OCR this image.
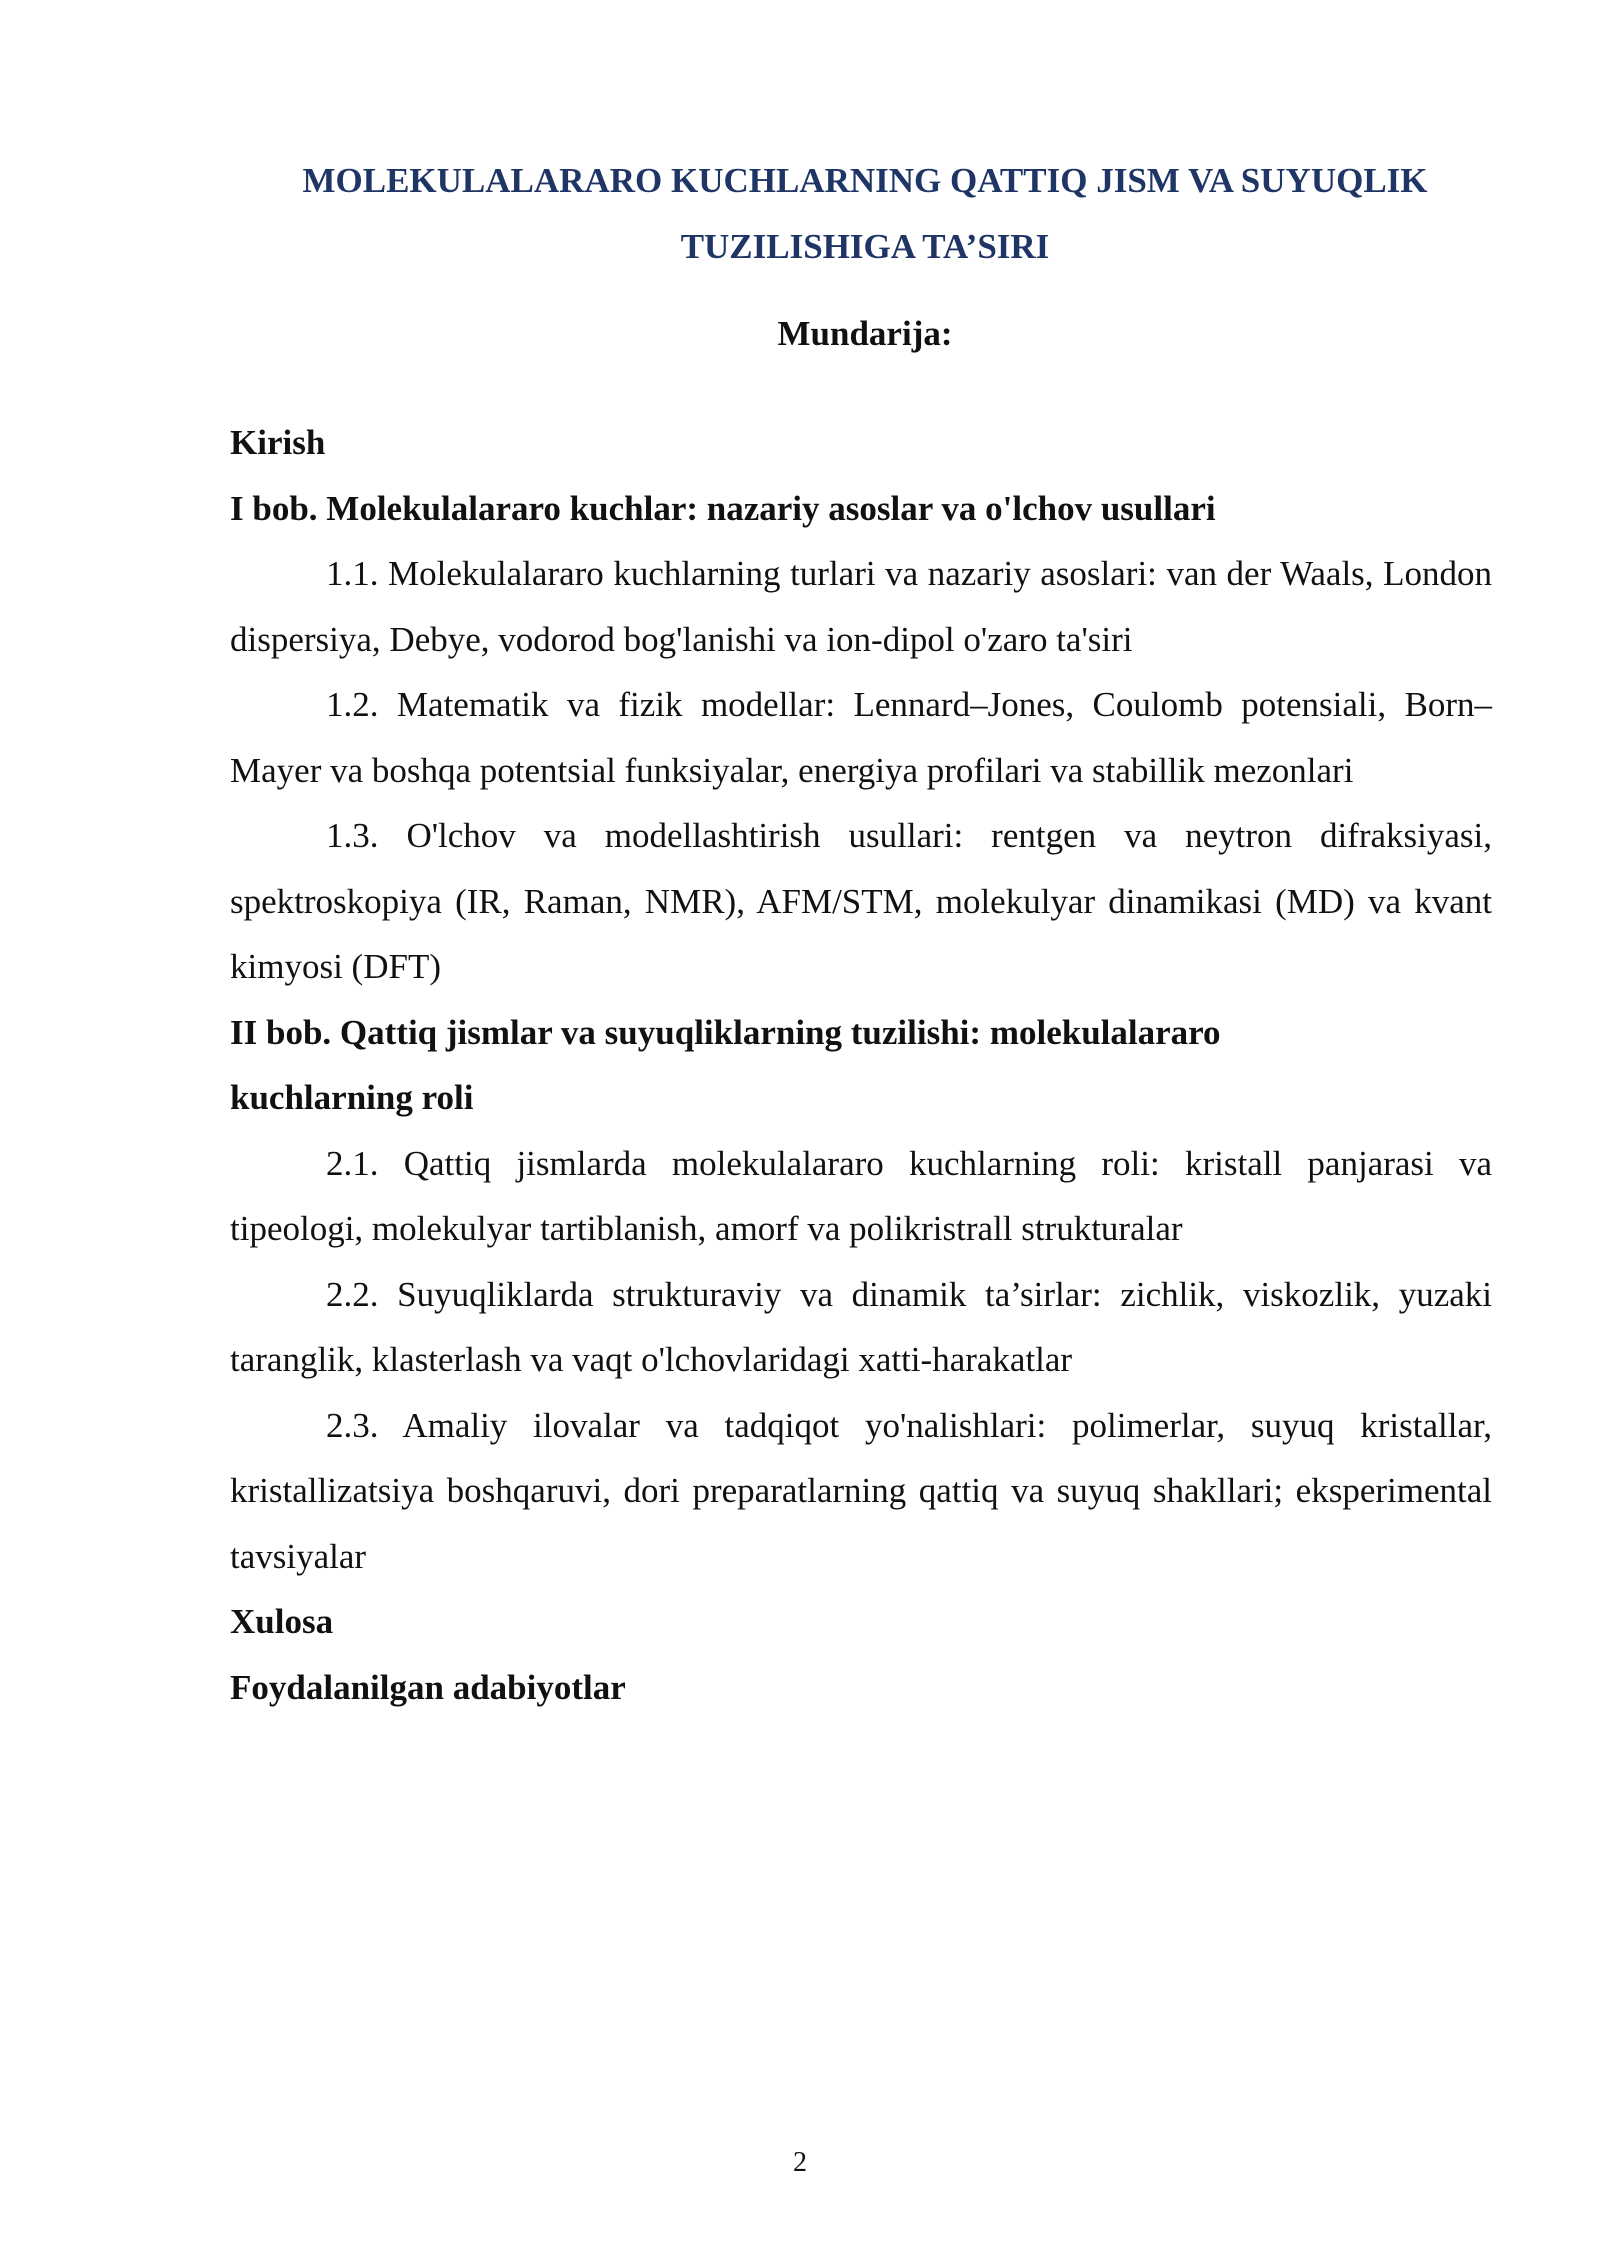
MOLEKULALARARO KUCHLARNING QATTIQ JISM VA SUYUQLIK
TUZILISHIGA TA’SIRI
Mundarija:

Kirish

I bob. Molekulalararo kuchlar: nazariy asoslar va o'lchov usullari

1.1. Molekulalararo kuchlarning turlari va nazariy asoslari: van der Waals, London dispersiya, Debye, vodorod bog'lanishi va ion-dipol o'zaro ta'siri

1.2. Matematik va fizik modellar: Lennard–Jones, Coulomb potensiali, Born–Mayer va boshqa potentsial funksiyalar, energiya profilari va stabillik mezonlari

1.3. O'lchov va modellashtirish usullari: rentgen va neytron difraksiyasi, spektroskopiya (IR, Raman, NMR), AFM/STM, molekulyar dinamikasi (MD) va kvant kimyosi (DFT)

II bob. Qattiq jismlar va suyuqliklarning tuzilishi: molekulalararo
kuchlarning roli

2.1. Qattiq jismlarda molekulalararo kuchlarning roli: kristall panjarasi va tipeologi, molekulyar tartiblanish, amorf va polikristrall strukturalar

2.2. Suyuqliklarda strukturaviy va dinamik ta’sirlar: zichlik, viskozlik, yuzaki taranglik, klasterlash va vaqt o'lchovlaridagi xatti-harakatlar

2.3. Amaliy ilovalar va tadqiqot yo'nalishlari: polimerlar, suyuq kristallar, kristallizatsiya boshqaruvi, dori preparatlarning qattiq va suyuq shakllari; eksperimental tavsiyalar

Xulosa

Foydalanilgan adabiyotlar

2
